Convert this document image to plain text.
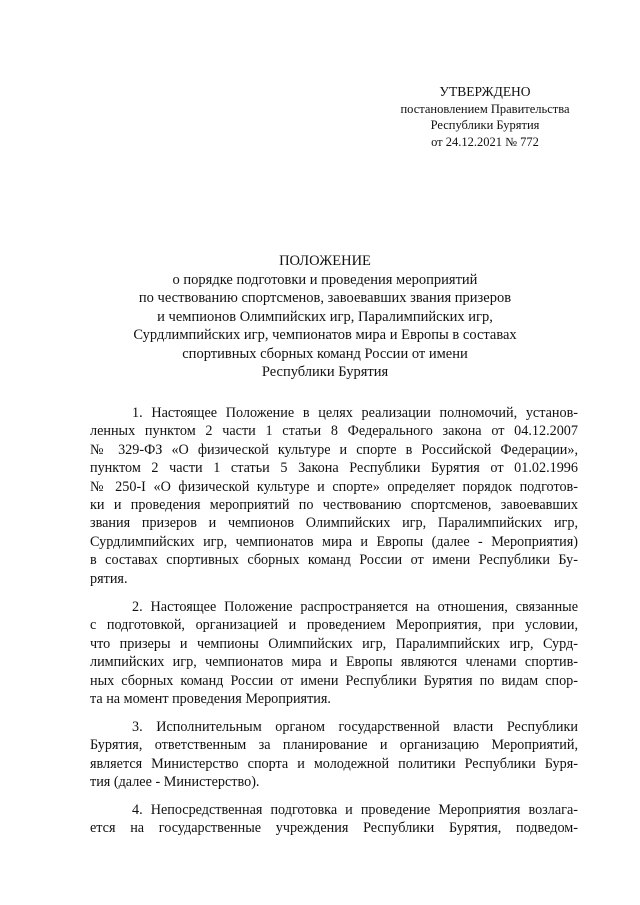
УТВЕРЖДЕНО
постановлением Правительства
Республики Бурятия
от 24.12.2021 № 772
ПОЛОЖЕНИЕ
о порядке подготовки и проведения мероприятий
по чествованию спортсменов, завоевавших звания призеров
и чемпионов Олимпийских игр, Паралимпийских игр,
Сурдлимпийских игр, чемпионатов мира и Европы в составах
спортивных сборных команд России от имени
Республики Бурятия

1. Настоящее Положение в целях реализации полномочий, установ-
ленных пунктом 2 части 1 статьи 8 Федерального закона от 04.12.2007
№ 329-ФЗ «О физической культуре и спорте в Российской Федерации»,
пунктом 2 части 1 статьи 5 Закона Республики Бурятия от 01.02.1996
№ 250-I «О физической культуре и спорте» определяет порядок подготов-
ки и проведения мероприятий по чествованию спортсменов, завоевавших
звания призеров и чемпионов Олимпийских игр, Паралимпийских игр,
Сурдлимпийских игр, чемпионатов мира и Европы (далее - Мероприятия)
в составах спортивных сборных команд России от имени Республики Бу-
рятия.

2. Настоящее Положение распространяется на отношения, связанные
с подготовкой, организацией и проведением Мероприятия, при условии,
что призеры и чемпионы Олимпийских игр, Паралимпийских игр, Сурд-
лимпийских игр, чемпионатов мира и Европы являются членами спортив-
ных сборных команд России от имени Республики Бурятия по видам спор-
та на момент проведения Мероприятия.

3. Исполнительным органом государственной власти Республики
Бурятия, ответственным за планирование и организацию Мероприятий,
является Министерство спорта и молодежной политики Республики Буря-
тия (далее - Министерство).

4. Непосредственная подготовка и проведение Мероприятия возлага-
ется на государственные учреждения Республики Бурятия, подведом-
